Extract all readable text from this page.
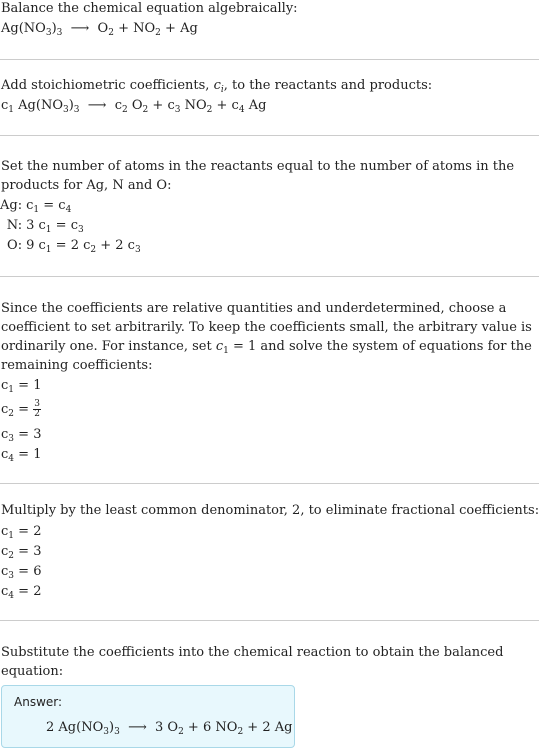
Balance the chemical equation algebraically:
$Ag(NO_3)_3$ ⟶ $O_2 + NO_2 + Ag$
Add stoichiometric coefficients, $c_i$, to the reactants and products:
$c_1$ $Ag(NO_3)_3$ ⟶ $c_2$ $O_2 + c_3$ $NO_2 + c_4$ Ag
Set the number of atoms in the reactants equal to the number of atoms in the
products for Ag, N and O:
Ag:	$c_1 = c_4$
N:	3 $c_1 = c_3$
O:	9 $c_1 = 2$ $c_2 + 2$ $c_3$
Since the coefficients are relative quantities and underdetermined, choose a
coefficient to set arbitrarily. To keep the coefficients small, the arbitrary value is
ordinarily one. For instance, set $c_1 = 1$ and solve the system of equations for the
remaining coefficients:
$c_1 = 1$
$c_2 = \frac{3}{2}$
$c_3 = 3$
$c_4 = 1$
Multiply by the least common denominator, 2, to eliminate fractional coefficients:
$c_1 = 2$
$c_2 = 3$
$c_3 = 6$
$c_4 = 2$
Substitute the coefficients into the chemical reaction to obtain the balanced
equation:
Answer:
2 $Ag(NO_3)_3$ ⟶ 3 $O_2 + 6$ $NO_2 + 2$ Ag
